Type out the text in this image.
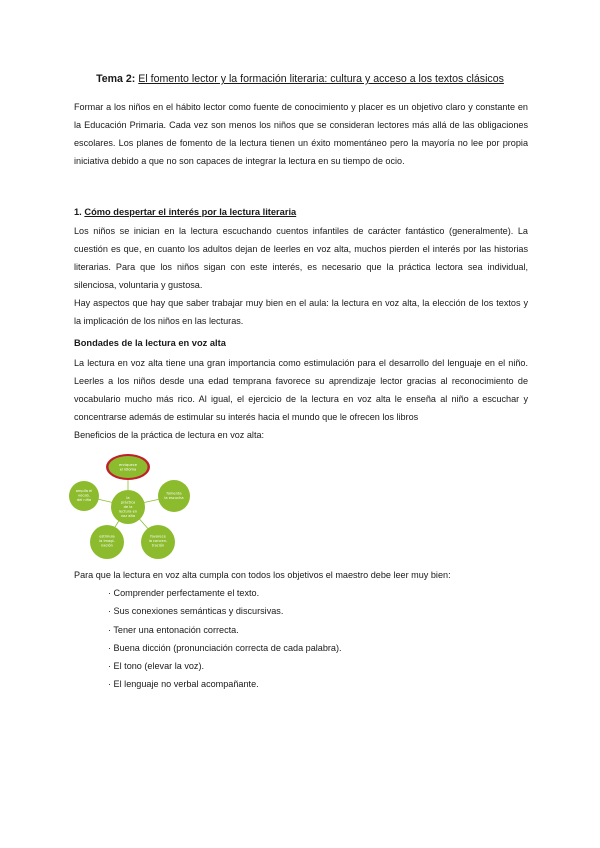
Tema 2: El fomento lector y la formación literaria: cultura y acceso a los textos clásicos

Formar a los niños en el hábito lector como fuente de conocimiento y placer es un objetivo claro y constante en la Educación Primaria. Cada vez son menos los niños que se consideran lectores más allá de las obligaciones escolares. Los planes de fomento de la lectura tienen un éxito momentáneo pero la mayoría no lee por propia iniciativa debido a que no son capaces de integrar la lectura en su tiempo de ocio.

1. Cómo despertar el interés por la lectura literaria

Los niños se inician en la lectura escuchando cuentos infantiles de carácter fantástico (generalmente). La cuestión es que, en cuanto los adultos dejan de leerles en voz alta, muchos pierden el interés por las historias literarias. Para que los niños sigan con este interés, es necesario que la práctica lectora sea individual, silenciosa, voluntaria y gustosa.

Hay aspectos que hay que saber trabajar muy bien en el aula: la lectura en voz alta, la elección de los textos y la implicación de los niños en las lecturas.

Bondades de la lectura en voz alta

La lectura en voz alta tiene una gran importancia como estimulación para el desarrollo del lenguaje en el niño. Leerles a los niños desde una edad temprana favorece su aprendizaje lector gracias al reconocimiento de vocabulario mucho más rico. Al igual, el ejercicio de la lectura en voz alta le enseña al niño a escuchar y concentrarse además de estimular su interés hacia el mundo que le ofrecen los libros

Beneficios de la práctica de lectura en voz alta:

enriquece
el idioma
amplía el
vocab.
del niño
fomenta
la escucha
la
práctica
de la
lectura en
voz alta
estimula
la imagi-
nación
favorece
la concen-
tración

Para que la lectura en voz alta cumpla con todos los objetivos el maestro debe leer muy bien:

· Comprender perfectamente el texto.
· Sus conexiones semánticas y discursivas.
· Tener una entonación correcta.
· Buena dicción (pronunciación correcta de cada palabra).
· El tono (elevar la voz).
· El lenguaje no verbal acompañante.
